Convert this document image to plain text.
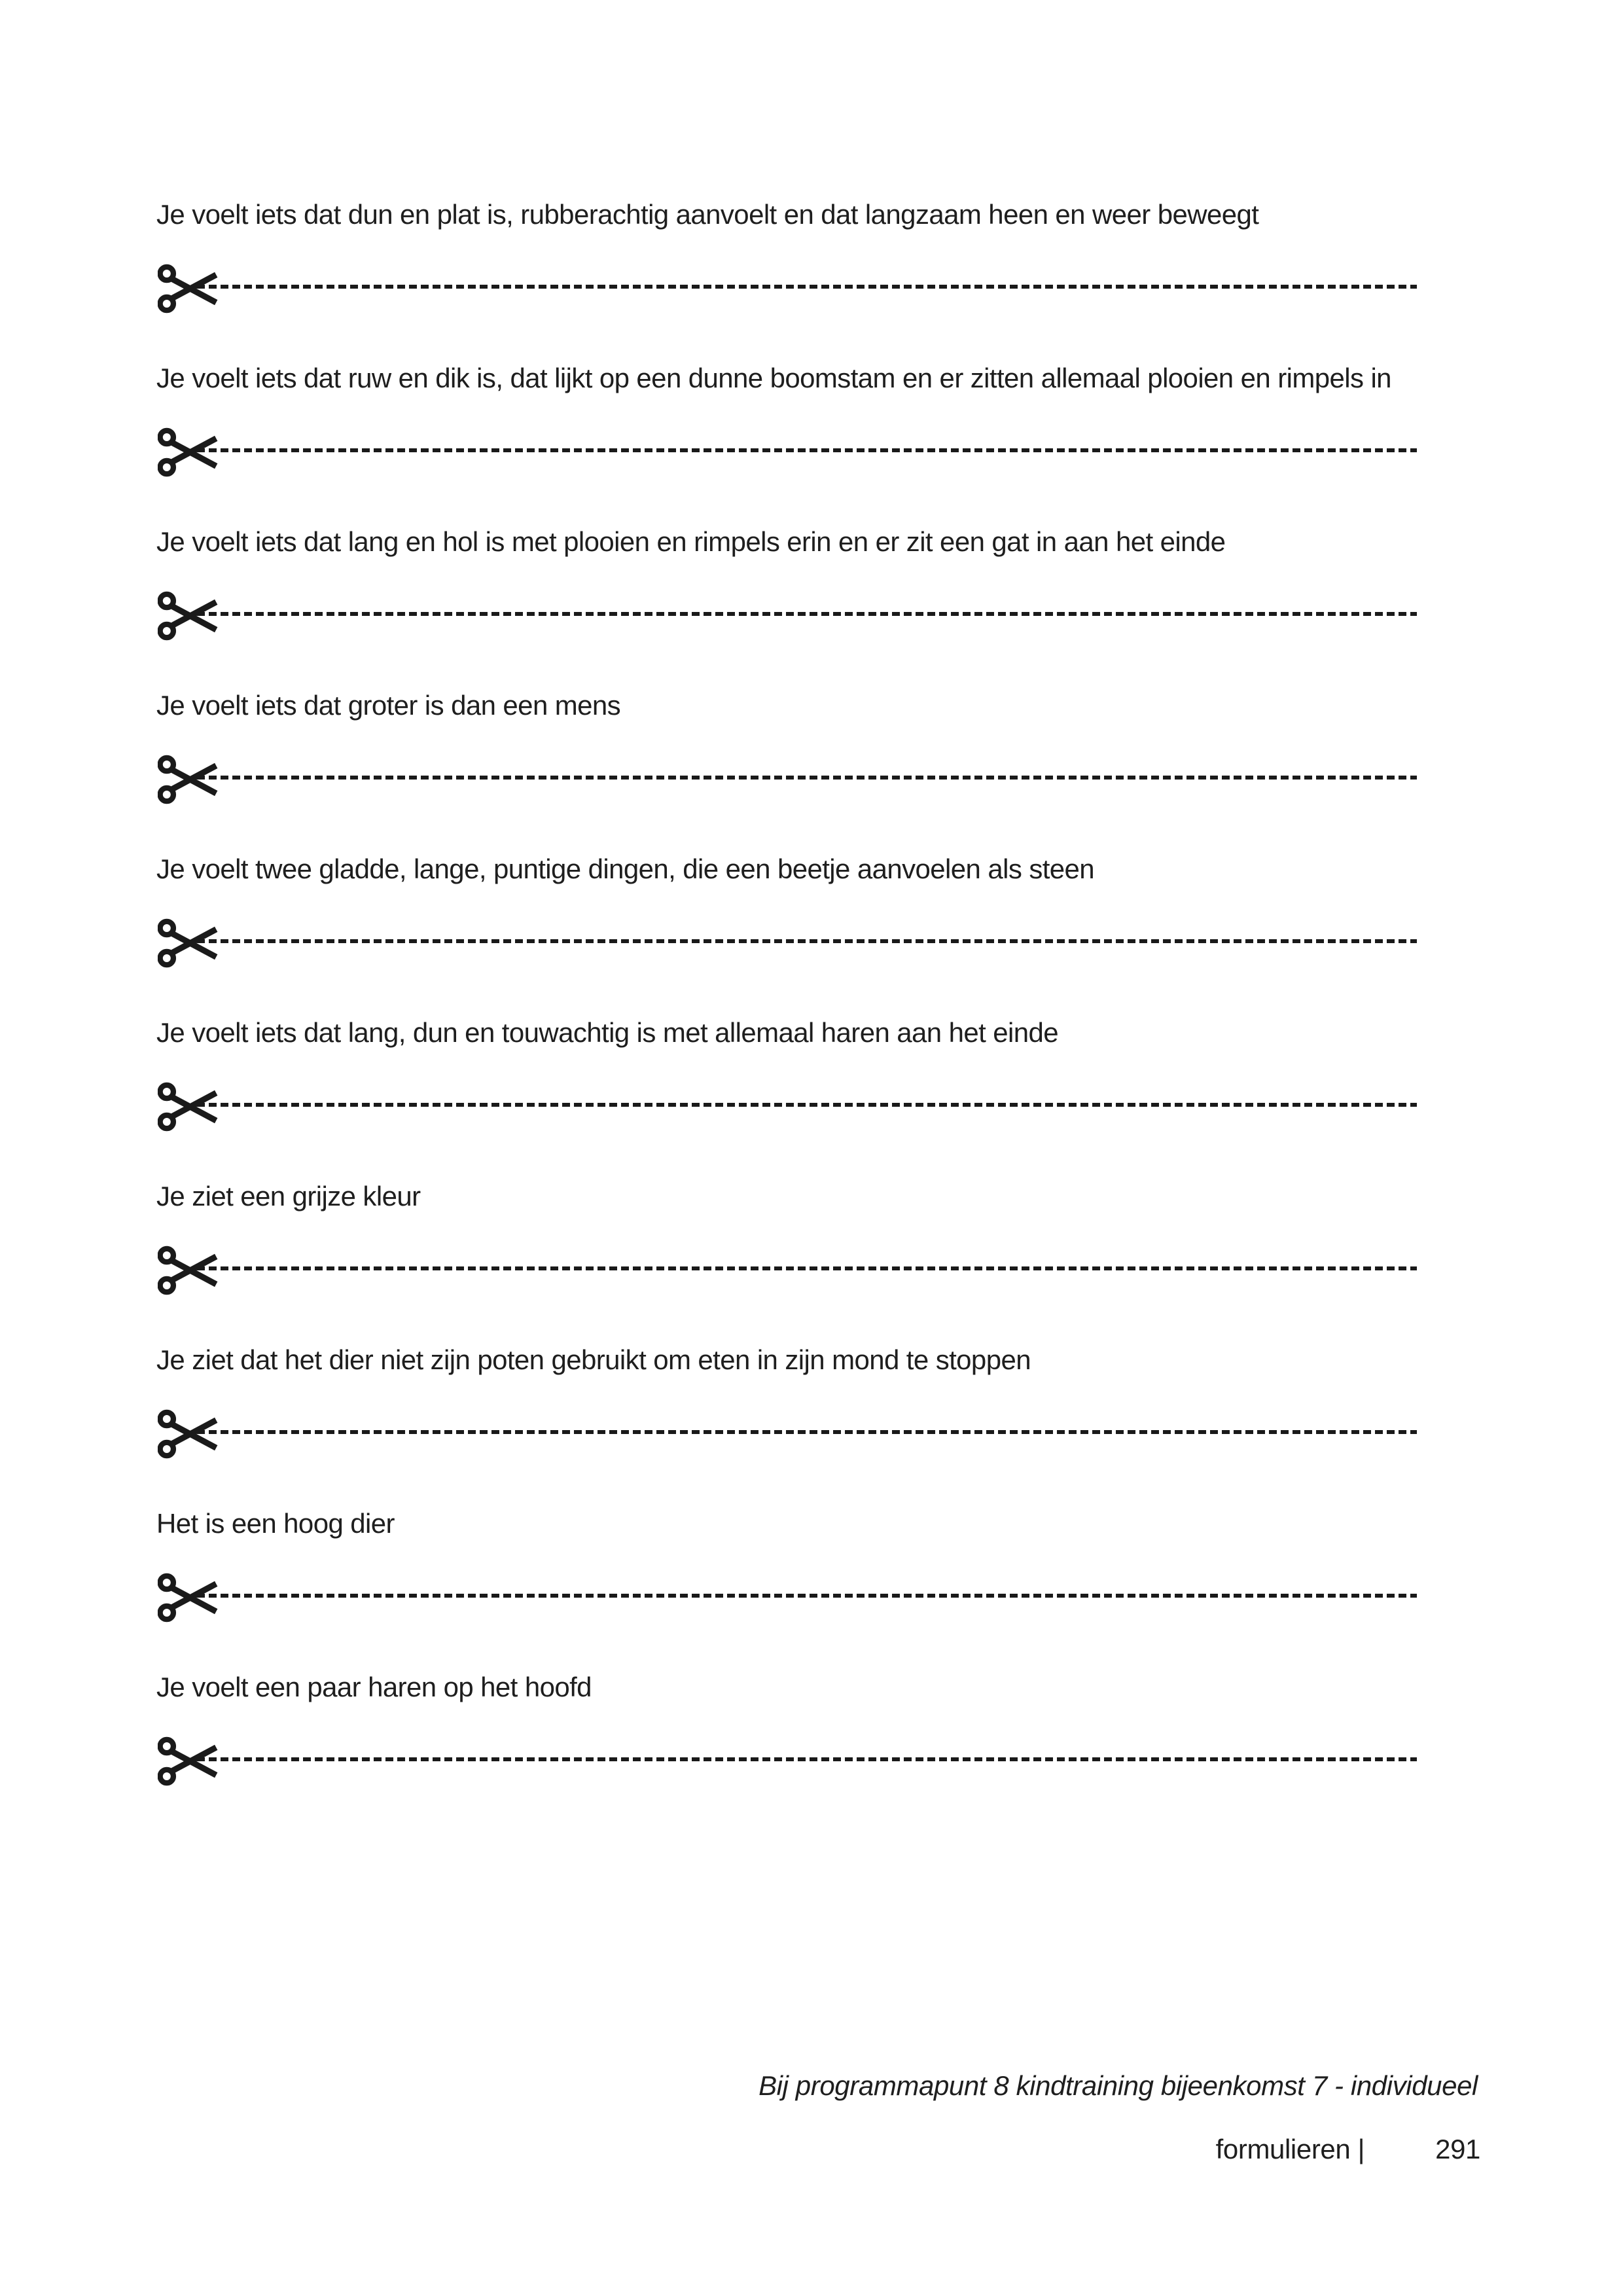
Je voelt iets dat dun en plat is, rubberachtig aanvoelt en dat langzaam heen en weer beweegt
Je voelt iets dat ruw en dik is, dat lijkt op een dunne boomstam en er zitten allemaal plooien en rimpels in
Je voelt iets dat lang en hol is met plooien en rimpels erin en er zit een gat in aan het einde
Je voelt iets dat groter is dan een mens
Je voelt twee gladde, lange, puntige dingen, die een beetje aanvoelen als steen
Je voelt iets dat lang, dun en touwachtig is met allemaal haren aan het einde
Je ziet een grijze kleur
Je ziet dat het dier niet zijn poten gebruikt om eten in zijn mond te stoppen
Het is een hoog dier
Je voelt een paar haren op het hoofd
Bij programmapunt 8 kindtraining bijeenkomst 7 - individueel
formulieren |	291
